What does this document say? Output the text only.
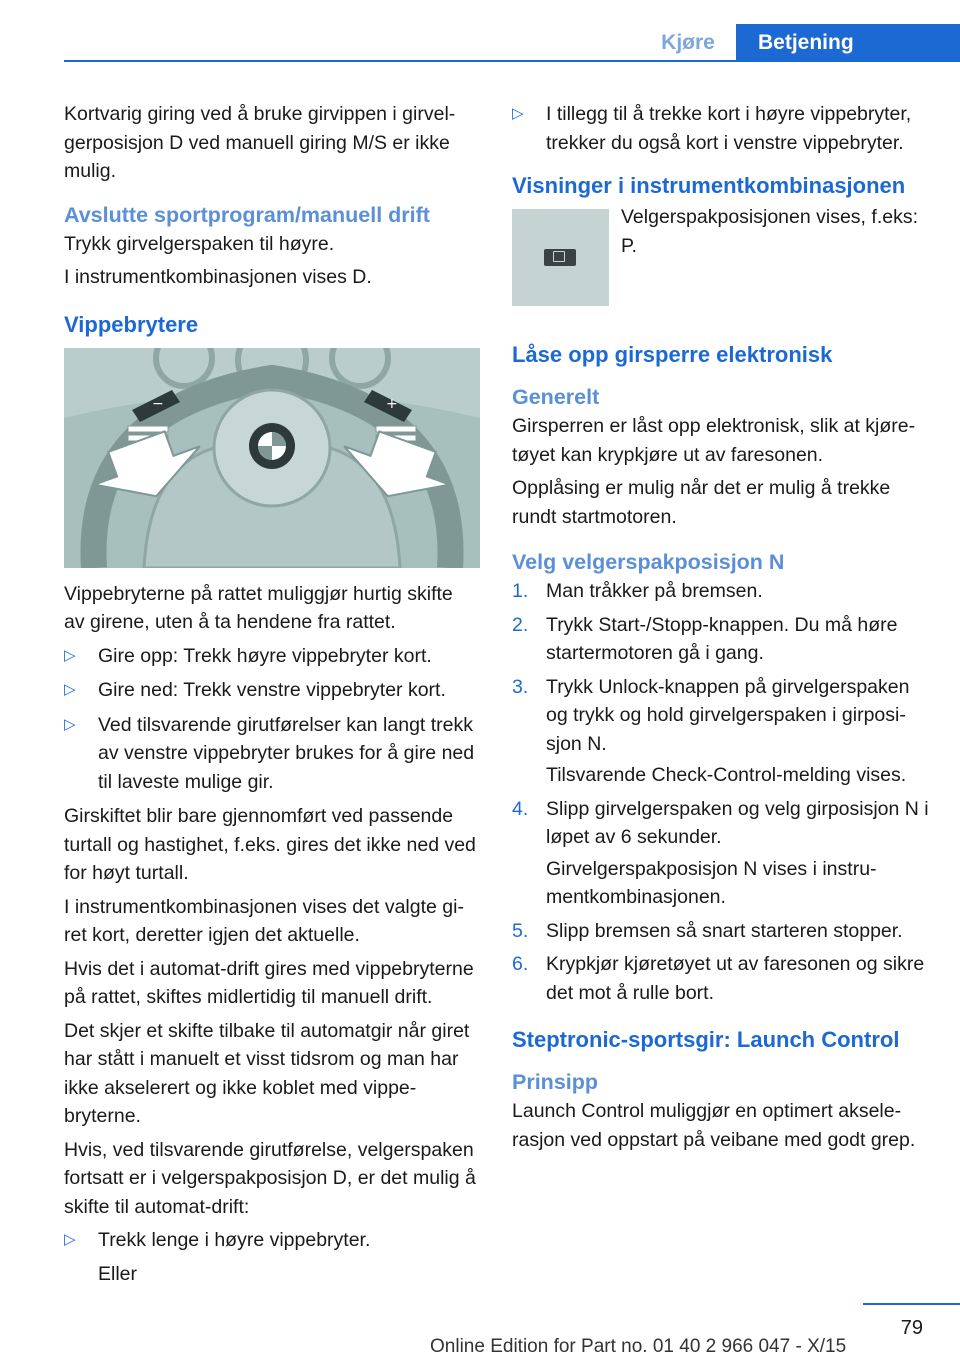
Kjøre	Betjening

Kortvarig giring ved å bruke girvippen i girvelgerposisjon D ved manuell giring M/S er ikke mulig.

Avslutte sportprogram/manuell drift

Trykk girvelgerspaken til høyre.

I instrumentkombinasjonen vises D.

Vippebrytere
−	+

Vippebryterne på rattet muliggjør hurtig skifte av girene, uten å ta hendene fra rattet.

▷ Gire opp: Trekk høyre vippebryter kort.
▷ Gire ned: Trekk venstre vippebryter kort.
▷ Ved tilsvarende girutførelser kan langt trekk av venstre vippebryter brukes for å gire ned til laveste mulige gir.

Girskiftet blir bare gjennomført ved passende turtall og hastighet, f.eks. gires det ikke ned ved for høyt turtall.

I instrumentkombinasjonen vises det valgte giret kort, deretter igjen det aktuelle.

Hvis det i automat-drift gires med vippebryterne på rattet, skiftes midlertidig til manuell drift.

Det skjer et skifte tilbake til automatgir når giret har stått i manuelt et visst tidsrom og man har ikke akselerert og ikke koblet med vippebryterne.

Hvis, ved tilsvarende girutførelse, velgerspaken fortsatt er i velgerspakposisjon D, er det mulig å skifte til automat-drift:

▷ Trekk lenge i høyre vippebryter.
Eller
▷ I tillegg til å trekke kort i høyre vippebryter, trekker du også kort i venstre vippebryter.
Visninger i instrumentkombinasjonen
Velgerspakposisjonen vises, f.eks: P.
Låse opp girsperre elektronisk
Generelt

Girsperren er låst opp elektronisk, slik at kjøretøyet kan krypkjøre ut av faresonen.

Opplåsing er mulig når det er mulig å trekke rundt startmotoren.

Velg velgerspakposisjon N
1. Man tråkker på bremsen.
2. Trykk Start-/Stopp-knappen. Du må høre startermotoren gå i gang.
3. Trykk Unlock-knappen på girvelgerspaken og trykk og hold girvelgerspaken i girposisjon N.

Tilsvarende Check-Control-melding vises.

4. Slipp girvelgerspaken og velg girposisjon N i løpet av 6 sekunder.

Girvelgerspakposisjon N vises i instrumentkombinasjonen.

5. Slipp bremsen så snart starteren stopper.
6. Krypkjør kjøretøyet ut av faresonen og sikre det mot å rulle bort.
Steptronic-sportsgir: Launch Control
Prinsipp

Launch Control muliggjør en optimert akselerasjon ved oppstart på veibane med godt grep.

79
Online Edition for Part no. 01 40 2 966 047 - X/15
